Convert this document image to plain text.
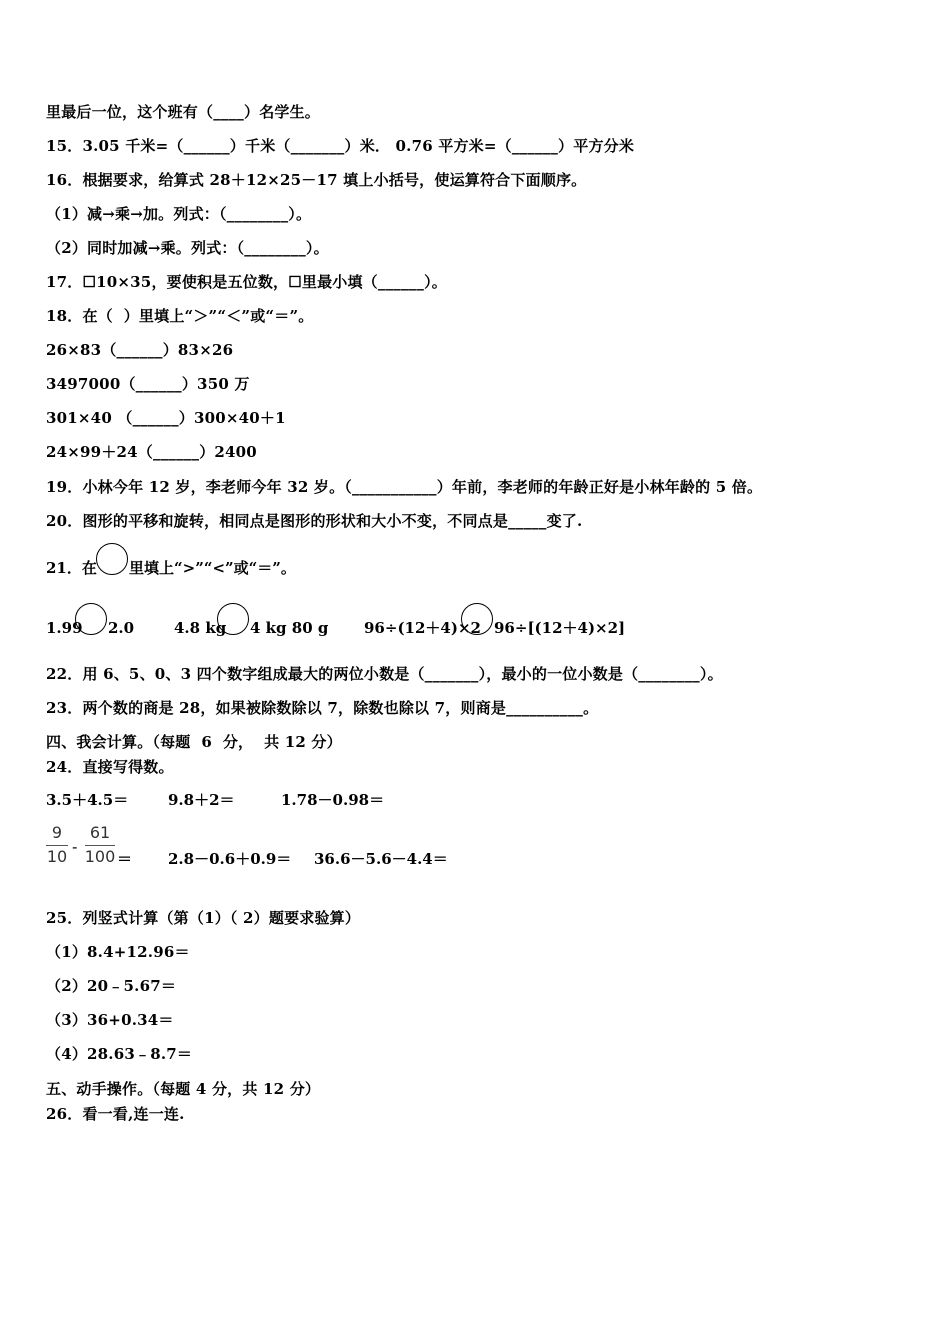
里最后一位，这个班有（____）名学生。
15．3.05 千米=（______）千米（_______）米． 0.76 平方米=（______）平方分米
16．根据要求，给算式 28＋12×25－17 填上小括号，使运算符合下面顺序。
（1）减→乘→加。列式：（________）。
（2）同时加减→乘。列式：（________）。
17．☐10×35，要使积是五位数，☐里最小填（______）。
18．在（  ）里填上“＞”“＜”或“＝”。
26×83（______）83×26
3497000（______）350 万
301×40 （______）300×40＋1
24×99＋24（______）2400
19．小林今年 12 岁，李老师今年 32 岁。（___________）年前，李老师的年龄正好是小林年龄的 5 倍。
20．图形的平移和旋转，相同点是图形的形状和大小不变，不同点是_____变了.
21．在 里填上“>”“<”或“＝”。
1.99 2.0	4.8 kg 4 kg 80 g 96÷(12＋4)×2 96÷[(12＋4)×2]
22．用 6、5、0、3 四个数字组成最大的两位小数是（_______），最小的一位小数是（________）。
23．两个数的商是 28，如果被除数除以 7，除数也除以 7，则商是__________。
四、我会计算。（每题  6  分，  共 12 分）
24．直接写得数。
3.5＋4.5＝	9.8＋2＝	1.78－0.98＝
9
10 -
61
100 ＝ 2.8－0.6＋0.9＝ 36.6－5.6－4.4＝
25．列竖式计算（第（1）（ 2）题要求验算）
（1）8.4+12.96＝
（2）20﹣5.67＝
（3）36+0.34＝
（4）28.63﹣8.7＝
五、动手操作。（每题 4 分，共 12 分）
26．看一看,连一连.
